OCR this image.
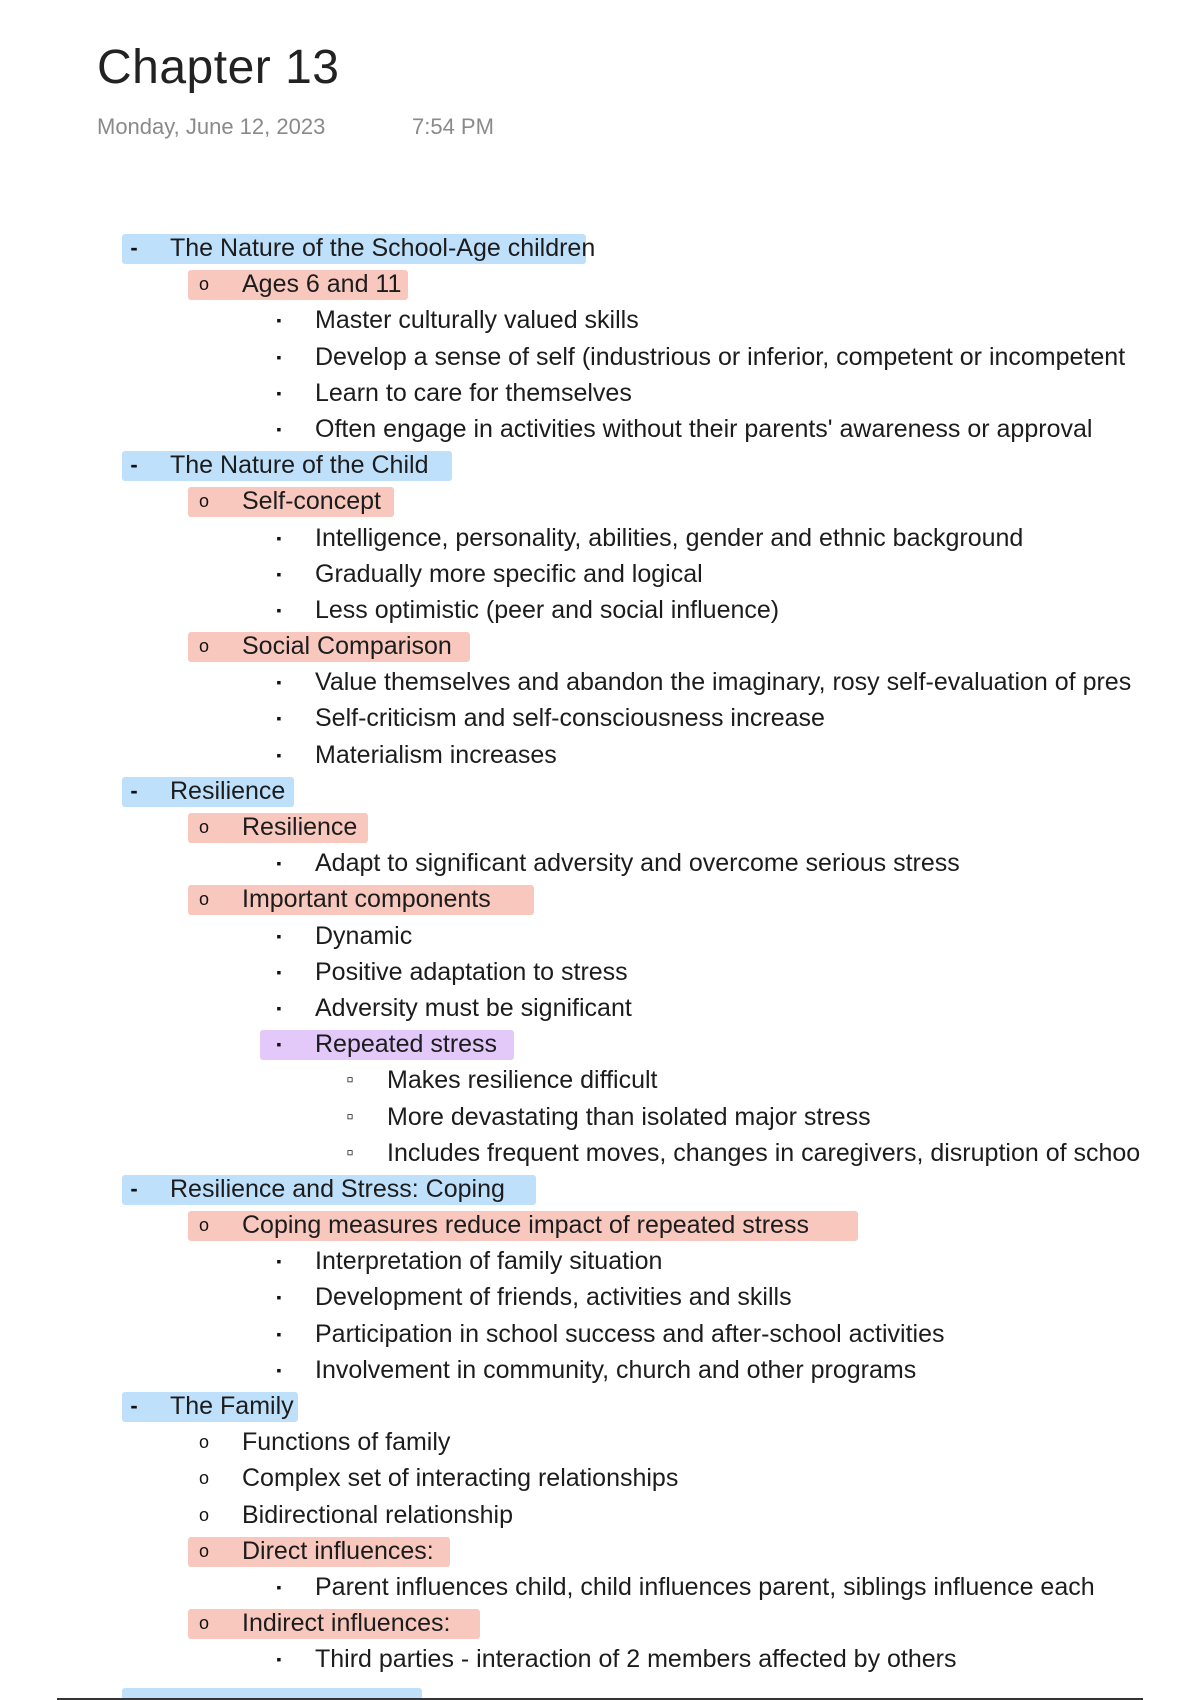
Chapter 13
Monday, June 12, 2023	7:54 PM
-	The Nature of the School-Age children
o	Ages 6 and 11
▪	Master culturally valued skills
▪	Develop a sense of self (industrious or inferior, competent or incompetent
▪	Learn to care for themselves
▪	Often engage in activities without their parents' awareness or approval
-	The Nature of the Child
o	Self-concept
▪	Intelligence, personality, abilities, gender and ethnic background
▪	Gradually more specific and logical
▪	Less optimistic (peer and social influence)
o	Social Comparison
▪	Value themselves and abandon the imaginary, rosy self-evaluation of pres
▪	Self-criticism and self-consciousness increase
▪	Materialism increases
-	Resilience
o	Resilience
▪	Adapt to significant adversity and overcome serious stress
o	Important components
▪	Dynamic
▪	Positive adaptation to stress
▪	Adversity must be significant
▪	Repeated stress
▫	Makes resilience difficult
▫	More devastating than isolated major stress
▫	Includes frequent moves, changes in caregivers, disruption of schoo
-	Resilience and Stress: Coping
o	Coping measures reduce impact of repeated stress
▪	Interpretation of family situation
▪	Development of friends, activities and skills
▪	Participation in school success and after-school activities
▪	Involvement in community, church and other programs
-	The Family
o	Functions of family
o	Complex set of interacting relationships
o	Bidirectional relationship
o	Direct influences:
▪	Parent influences child, child influences parent, siblings influence each
o	Indirect influences:
▪	Third parties - interaction of 2 members affected by others
